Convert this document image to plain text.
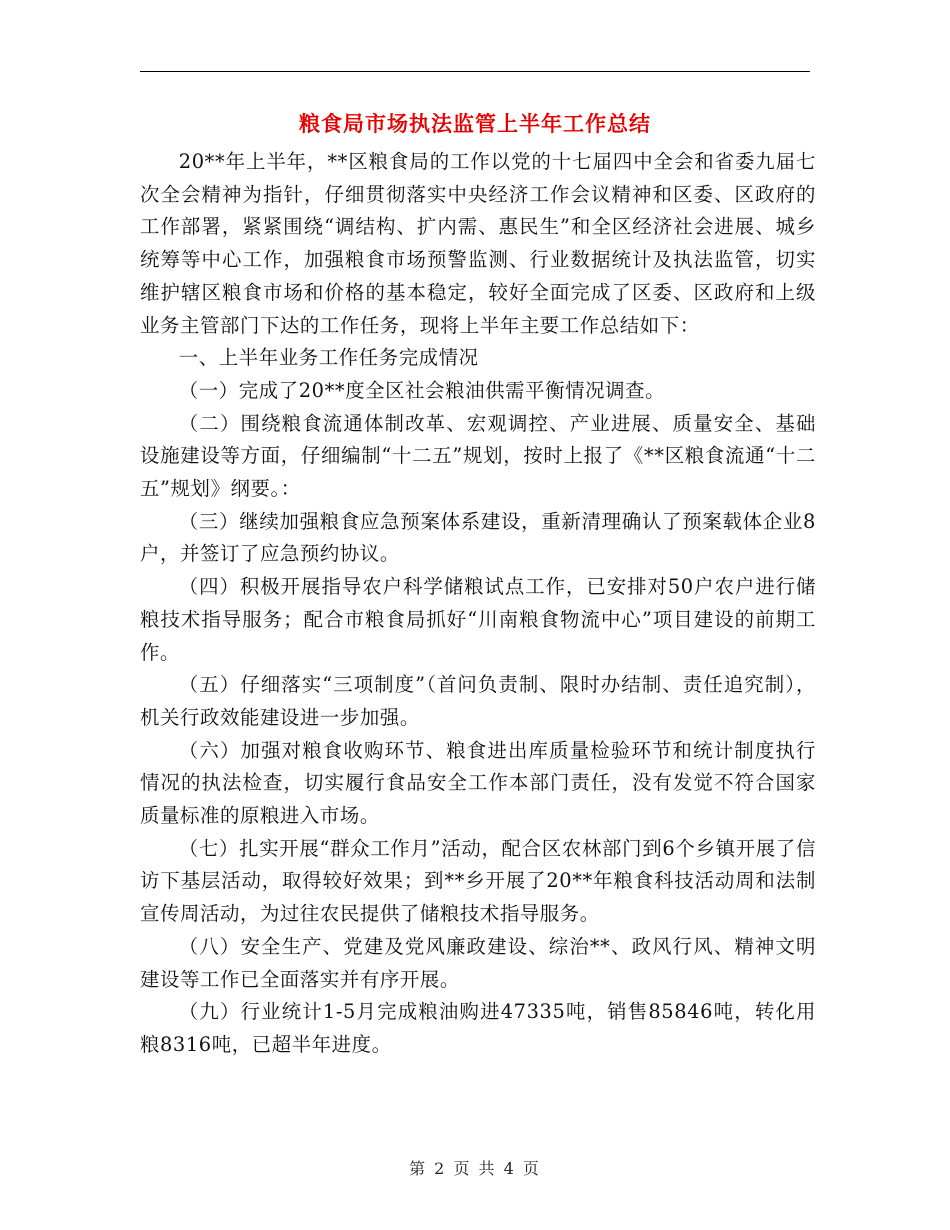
粮食局市场执法监管上半年工作总结

20**年上半年，**区粮食局的工作以党的十七届四中全会和省委九届七次全会精神为指针，仔细贯彻落实中央经济工作会议精神和区委、区政府的工作部署，紧紧围绕“调结构、扩内需、惠民生”和全区经济社会进展、城乡统筹等中心工作，加强粮食市场预警监测、行业数据统计及执法监管，切实维护辖区粮食市场和价格的基本稳定，较好全面完成了区委、区政府和上级业务主管部门下达的工作任务，现将上半年主要工作总结如下：

一、上半年业务工作任务完成情况

（一）完成了20**度全区社会粮油供需平衡情况调查。

（二）围绕粮食流通体制改革、宏观调控、产业进展、质量安全、基础设施建设等方面，仔细编制“十二五”规划，按时上报了《**区粮食流通“十二五”规划》纲要。：

（三）继续加强粮食应急预案体系建设，重新清理确认了预案载体企业8户，并签订了应急预约协议。

（四）积极开展指导农户科学储粮试点工作，已安排对50户农户进行储粮技术指导服务；配合市粮食局抓好“川南粮食物流中心”项目建设的前期工作。

（五）仔细落实“三项制度”（首问负责制、限时办结制、责任追究制），机关行政效能建设进一步加强。

（六）加强对粮食收购环节、粮食进出库质量检验环节和统计制度执行情况的执法检查，切实履行食品安全工作本部门责任，没有发觉不符合国家质量标准的原粮进入市场。

（七）扎实开展“群众工作月”活动，配合区农林部门到6个乡镇开展了信访下基层活动，取得较好效果；到**乡开展了20**年粮食科技活动周和法制宣传周活动，为过往农民提供了储粮技术指导服务。

（八）安全生产、党建及党风廉政建设、综治**、政风行风、精神文明建设等工作已全面落实并有序开展。

（九）行业统计1-5月完成粮油购进47335吨，销售85846吨，转化用粮8316吨，已超半年进度。

第 2 页 共 4 页
